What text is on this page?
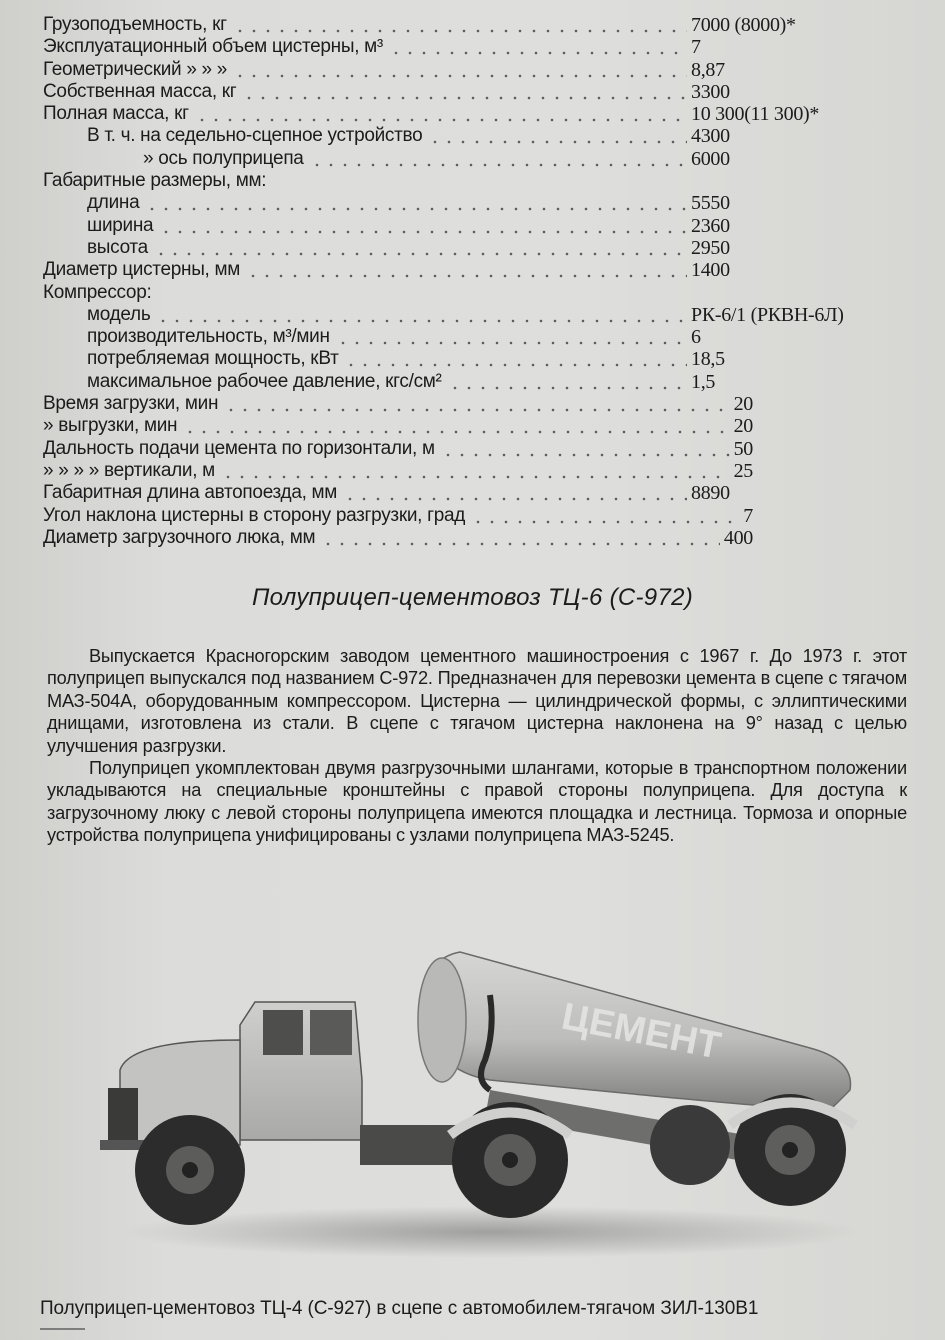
Грузоподъемность, кг	7000 (8000)*
Эксплуатационный объем цистерны, м³	7
Геометрический » » »	8,87
Собственная масса, кг	3300
Полная масса, кг	10 300(11 300)*
В т. ч. на седельно-сцепное устройство	4300
» ось полуприцепа	6000
Габаритные размеры, мм:
длина	5550
ширина	2360
высота	2950
Диаметр цистерны, мм	1400
Компрессор:
модель	РК-6/1 (РКВН-6Л)
производительность, м³/мин	6
потребляемая мощность, кВт	18,5
максимальное рабочее давление, кгс/см²	1,5
Время загрузки, мин	20
» выгрузки, мин	20
Дальность подачи цемента по горизонтали, м	50
» » » » вертикали, м	25
Габаритная длина автопоезда, мм	8890
Угол наклона цистерны в сторону разгрузки, град	7
Диаметр загрузочного люка, мм	400
Полуприцеп-цементовоз ТЦ-6 (С-972)

Выпускается Красногорским заводом цементного машиностроения с 1967 г. До 1973 г. этот полуприцеп выпускался под названием С-972. Предназначен для перевозки цемента в сцепе с тягачом МАЗ-504А, оборудованным компрессором. Цистерна — цилиндрической формы, с эллиптическими днищами, изготовлена из стали. В сцепе с тягачом цистерна наклонена на 9° назад с целью улучшения разгрузки.

Полуприцеп укомплектован двумя разгрузочными шлангами, которые в транспортном положении укладываются на специальные кронштейны с правой стороны полуприцепа. Для доступа к загрузочному люку с левой стороны полуприцепа имеются площадка и лестница. Тормоза и опорные устройства полуприцепа унифицированы с узлами полуприцепа МАЗ-5245.

ЦЕМЕНТ
Полуприцеп-цементовоз ТЦ-4 (С-927) в сцепе с автомобилем-тягачом ЗИЛ-130В1
